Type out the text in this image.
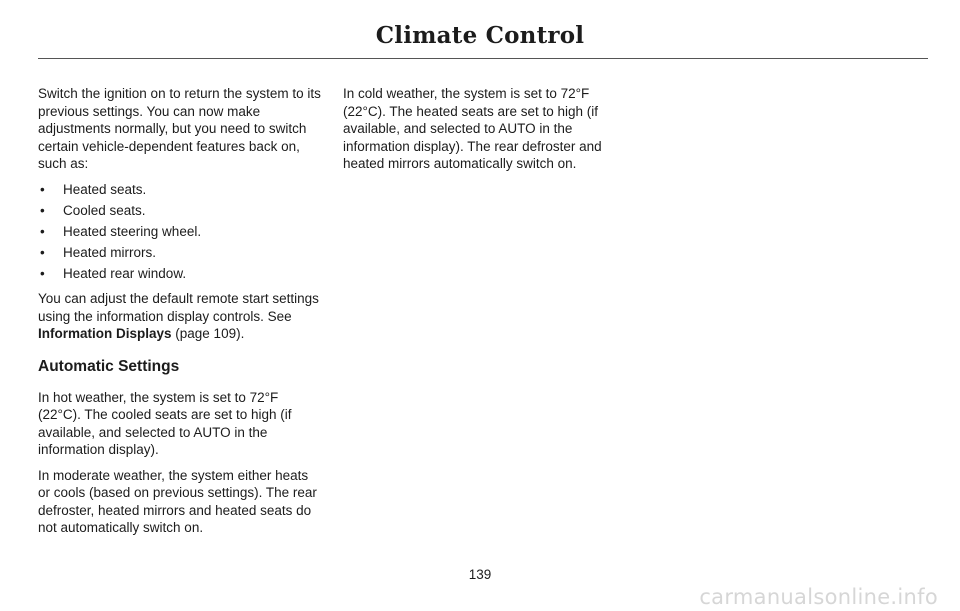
Climate Control

Switch the ignition on to return the system to its previous settings. You can now make adjustments normally, but you need to switch certain vehicle-dependent features back on, such as:

• Heated seats.
• Cooled seats.
• Heated steering wheel.
• Heated mirrors.
• Heated rear window.

You can adjust the default remote start settings using the information display controls. See Information Displays (page 109).

Automatic Settings

In hot weather, the system is set to 72°F (22°C). The cooled seats are set to high (if available, and selected to AUTO in the information display).

In moderate weather, the system either heats or cools (based on previous settings). The rear defroster, heated mirrors and heated seats do not automatically switch on.

In cold weather, the system is set to 72°F (22°C). The heated seats are set to high (if available, and selected to AUTO in the information display). The rear defroster and heated mirrors automatically switch on.

139
carmanualsonline.info
